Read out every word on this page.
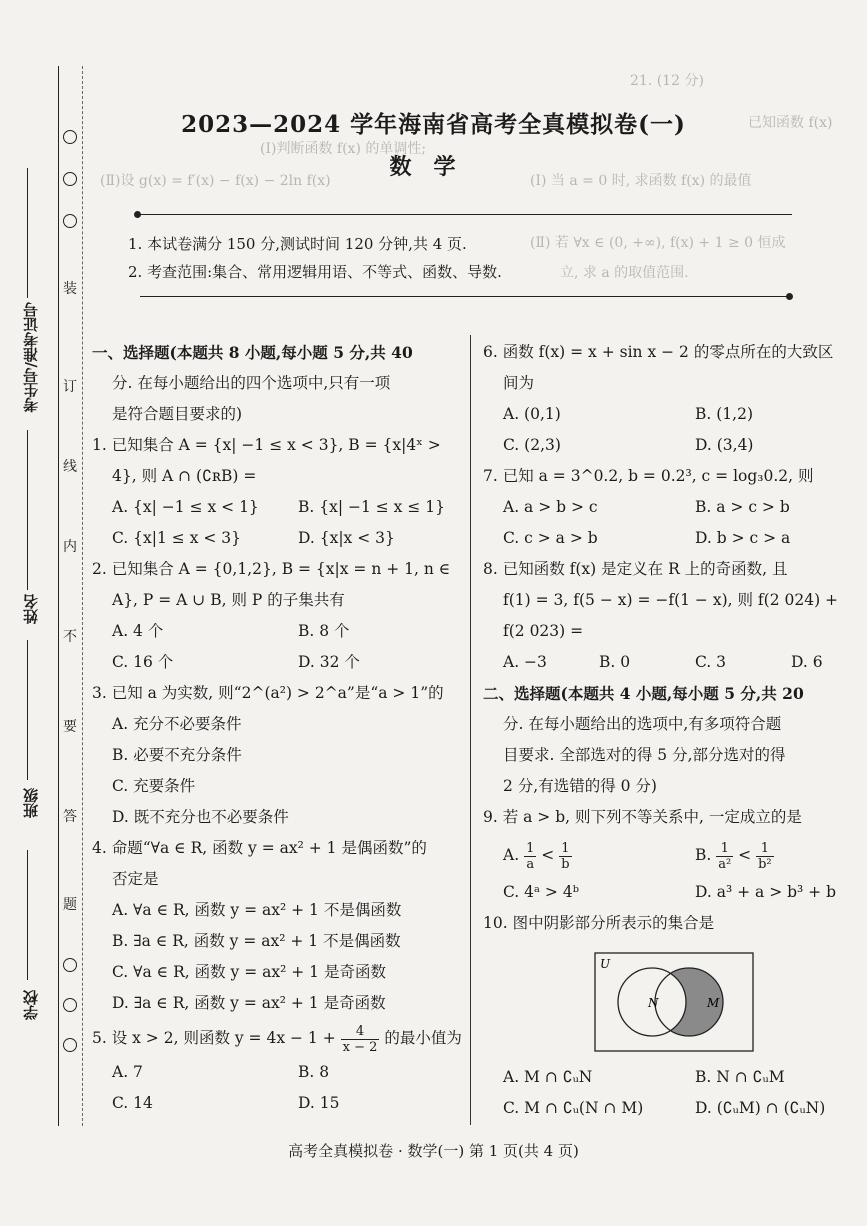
21. (12 分)
已知函数 f(x)
(Ⅰ)判断函数 f(x) 的单调性;
(Ⅱ)设 g(x) = f′(x) − f(x) − 2ln f(x)	(Ⅰ) 当 a = 0 时, 求函数 f(x) 的最值
(Ⅱ) 若 ∀x ∈ (0, +∞), f(x) + 1 ≥ 0 恒成
立, 求 a 的取值范围.
装
订
线
内
不
要
答
题
考生号/准考证号
姓名
班级
学校
2023—2024 学年海南省高考全真模拟卷(一)
数学
1. 本试卷满分 150 分,测试时间 120 分钟,共 4 页.
2. 考查范围:集合、常用逻辑用语、不等式、函数、导数.

一、选择题(本题共 8 小题,每小题 5 分,共 40

分. 在每小题给出的四个选项中,只有一项

是符合题目要求的)

1. 已知集合 A = {x| −1 ≤ x < 3}, B = {x|4ˣ >

4}, 则 A ∩ (∁ʀB) =

A. {x| −1 ≤ x < 1}	B. {x| −1 ≤ x ≤ 1}
C. {x|1 ≤ x < 3}	D. {x|x < 3}

2. 已知集合 A = {0,1,2}, B = {x|x = n + 1, n ∈

A}, P = A ∪ B, 则 P 的子集共有

A. 4 个	B. 8 个
C. 16 个	D. 32 个

3. 已知 a 为实数, 则“2^(a²) > 2^a”是“a > 1”的

A. 充分不必要条件

B. 必要不充分条件

C. 充要条件

D. 既不充分也不必要条件

4. 命题“∀a ∈ R, 函数 y = ax² + 1 是偶函数”的

否定是

A. ∀a ∈ R, 函数 y = ax² + 1 不是偶函数

B. ∃a ∈ R, 函数 y = ax² + 1 不是偶函数

C. ∀a ∈ R, 函数 y = ax² + 1 是奇函数

D. ∃a ∈ R, 函数 y = ax² + 1 是奇函数

5. 设 x > 2, 则函数 $y = 4x - 1 + \frac{4}{x - 2}$ 的最小值为

A. 7	B. 8
C. 14	D. 15

6. 函数 f(x) = x + sin x − 2 的零点所在的大致区

间为

A. (0,1)	B. (1,2)
C. (2,3)	D. (3,4)

7. 已知 a = 3^0.2, b = 0.2³, c = log₃0.2, 则

A. a > b > c	B. a > c > b
C. c > a > b	D. b > c > a

8. 已知函数 f(x) 是定义在 R 上的奇函数, 且

f(1) = 3, f(5 − x) = −f(1 − x), 则 f(2 024) +

f(2 023) =

A. −3	B. 0	C. 3	D. 6

二、选择题(本题共 4 小题,每小题 5 分,共 20

分. 在每小题给出的选项中,有多项符合题

目要求. 全部选对的得 5 分,部分选对的得

2 分,有选错的得 0 分)

9. 若 a > b, 则下列不等关系中, 一定成立的是

A. $\frac{1}{a} < \frac{1}{b}$	B. $\frac{1}{\text{a²}} < \frac{1}{\text{b²}}$
C. 4ᵃ > 4ᵇ	D. a³ + a > b³ + b

10. 图中阴影部分所表示的集合是

U
N	M
A. M ∩ ∁ᵤN	B. N ∩ ∁ᵤM
C. M ∩ ∁ᵤ(N ∩ M)	D. (∁ᵤM) ∩ (∁ᵤN)
高考全真模拟卷 · 数学(一) 第 1 页(共 4 页)
